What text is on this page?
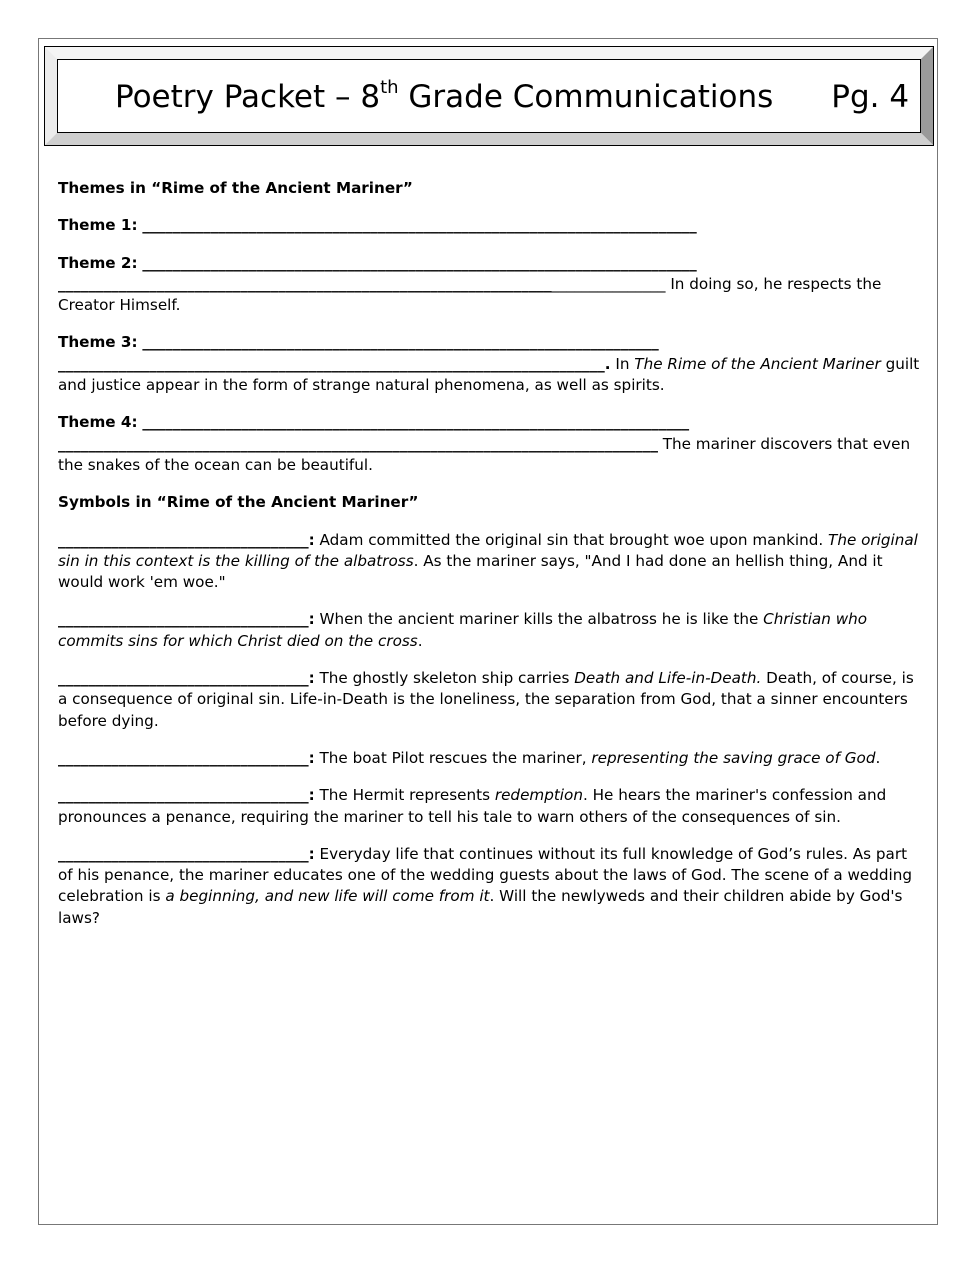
Poetry Packet – 8th Grade Communications Pg. 4

Themes in “Rime of the Ancient Mariner”

Theme 1: _________________________________________________________________________

Theme 2: _________________________________________________________________________
________________________________________________________________________________ In doing so, he respects the Creator Himself.

Theme 3: ____________________________________________________________________
________________________________________________________________________. In The Rime of the Ancient Mariner guilt and justice appear in the form of strange natural phenomena, as well as spirits.

Theme 4: ________________________________________________________________________
_______________________________________________________________________________ The mariner discovers that even the snakes of the ocean can be beautiful.

Symbols in “Rime of the Ancient Mariner”

_________________________________: Adam committed the original sin that brought woe upon mankind. The original sin in this context is the killing of the albatross. As the mariner says, "And I had done an hellish thing, And it would work 'em woe."

_________________________________: When the ancient mariner kills the albatross he is like the Christian who commits sins for which Christ died on the cross.

_________________________________: The ghostly skeleton ship carries Death and Life-in-Death. Death, of course, is a consequence of original sin. Life-in-Death is the loneliness, the separation from God, that a sinner encounters before dying.

_________________________________: The boat Pilot rescues the mariner, representing the saving grace of God.

_________________________________: The Hermit represents redemption. He hears the mariner's confession and pronounces a penance, requiring the mariner to tell his tale to warn others of the consequences of sin.

_________________________________: Everyday life that continues without its full knowledge of God’s rules. As part of his penance, the mariner educates one of the wedding guests about the laws of God. The scene of a wedding celebration is a beginning, and new life will come from it. Will the newlyweds and their children abide by God's laws?
